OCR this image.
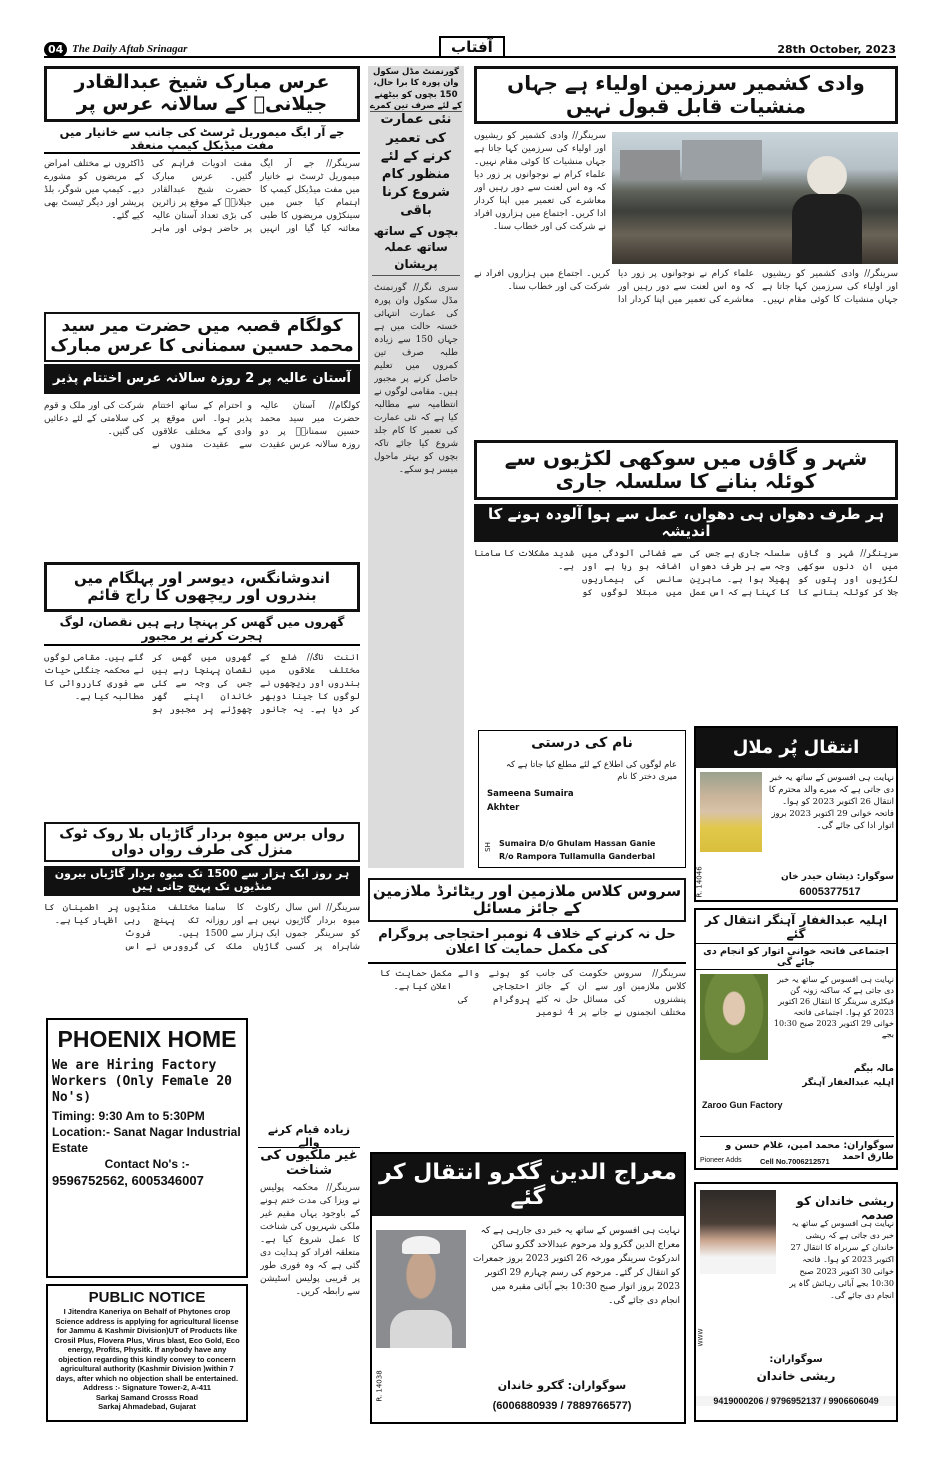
04 The Daily Aftab Srinagar	آفتاب	28th October, 2023
عرس مبارک شیخ عبدالقادر جیلانیؒ کے سالانہ عرس پر
جے آر ایگ میموریل ٹرسٹ کی جانب سے خانیار میں مفت میڈیکل کیمپ منعقد
سرینگر// جے آر ایگ میموریل ٹرسٹ نے خانیار میں مفت میڈیکل کیمپ کا اہتمام کیا جس میں سینکڑوں مریضوں کا طبی معائنہ کیا گیا اور انہیں مفت ادویات فراہم کی گئیں۔ عرس مبارک حضرت شیخ عبدالقادر جیلانیؒ کے موقع پر زائرین کی بڑی تعداد آستان عالیہ پر حاضر ہوئی اور ماہر ڈاکٹروں نے مختلف امراض کے مریضوں کو مشورے دیے۔ کیمپ میں شوگر، بلڈ پریشر اور دیگر ٹیسٹ بھی کیے گئے۔
گورنمنٹ مڈل سکول وان پورہ کا برا حال، 150 بچوں کو بیٹھنے کے لئے صرف تین کمرے
نئی عمارت کی تعمیر کرنے کے لئے منظور کام شروع کرنا باقی
بچوں کے ساتھ ساتھ عملہ پریشان
سری نگر// گورنمنٹ مڈل سکول وان پورہ کی عمارت انتہائی خستہ حالت میں ہے جہاں 150 سے زیادہ طلبہ صرف تین کمروں میں تعلیم حاصل کرنے پر مجبور ہیں۔ مقامی لوگوں نے انتظامیہ سے مطالبہ کیا ہے کہ نئی عمارت کی تعمیر کا کام جلد شروع کیا جائے تاکہ بچوں کو بہتر ماحول میسر ہو سکے۔
وادی کشمیر سرزمین اولیاء ہے جہاں منشیات قابل قبول نہیں
سرینگر// وادی کشمیر کو ریشیوں اور اولیاء کی سرزمین کہا جاتا ہے جہاں منشیات کا کوئی مقام نہیں۔ علماء کرام نے نوجوانوں پر زور دیا کہ وہ اس لعنت سے دور رہیں اور معاشرے کی تعمیر میں اپنا کردار ادا کریں۔ اجتماع میں ہزاروں افراد نے شرکت کی اور خطاب سنا۔
سرینگر// وادی کشمیر کو ریشیوں اور اولیاء کی سرزمین کہا جاتا ہے جہاں منشیات کا کوئی مقام نہیں۔ علماء کرام نے نوجوانوں پر زور دیا کہ وہ اس لعنت سے دور رہیں اور معاشرے کی تعمیر میں اپنا کردار ادا کریں۔ اجتماع میں ہزاروں افراد نے شرکت کی اور خطاب سنا۔
کولگام قصبہ میں حضرت میر سید محمد حسین سمنانی کا عرس مبارک
آستان عالیہ پر 2 روزہ سالانہ عرس اختتام پذیر
کولگام// آستان عالیہ حضرت میر سید محمد حسین سمنانیؒ پر دو روزہ سالانہ عرس عقیدت و احترام کے ساتھ اختتام پذیر ہوا۔ اس موقع پر وادی کے مختلف علاقوں سے عقیدت مندوں نے شرکت کی اور ملک و قوم کی سلامتی کے لئے دعائیں کی گئیں۔
شہر و گاؤں میں سوکھی لکڑیوں سے کوئلہ بنانے کا سلسلہ جاری
ہر طرف دھواں ہی دھواں، عمل سے ہوا آلودہ ہونے کا اندیشہ
سرینگر// شہر و گاؤں میں ان دنوں سوکھی لکڑیوں اور پتوں کو جلا کر کوئلہ بنانے کا سلسلہ جاری ہے جس کی وجہ سے ہر طرف دھواں پھیلا ہوا ہے۔ ماہرین کا کہنا ہے کہ اس عمل سے فضائی آلودگی میں اضافہ ہو رہا ہے اور سانس کی بیماریوں میں مبتلا لوگوں کو شدید مشکلات کا سامنا ہے۔
اندوشانگس، دیوسر اور پہلگام میں بندروں اور ریچھوں کا راج قائم
گھروں میں گھس کر پہنچا رہے ہیں نقصان، لوگ ہجرت کرنے پر مجبور
اننت ناگ// ضلع کے مختلف علاقوں میں بندروں اور ریچھوں نے لوگوں کا جینا دوبھر کر دیا ہے۔ یہ جانور گھروں میں گھس کر نقصان پہنچا رہے ہیں جس کی وجہ سے کئی خاندان اپنے گھر چھوڑنے پر مجبور ہو گئے ہیں۔ مقامی لوگوں نے محکمہ جنگلی حیات سے فوری کارروائی کا مطالبہ کیا ہے۔
نام کی درستی
عام لوگوں کی اطلاع کے لئے مطلع کیا جاتا ہے کہ میری دختر کا نام
Sameena Sumaira
Akhter
Sumaira D/o Ghulam Hassan Ganie
R/o Rampora Tullamulla Ganderbal
SH
انتقال پُر ملال
نہایت ہی افسوس کے ساتھ یہ خبر دی جاتی ہے کہ میرے والد محترم کا انتقال 26 اکتوبر 2023 کو ہوا۔ فاتحہ خوانی 29 اکتوبر 2023 بروز اتوار ادا کی جائے گی۔
سوگوار: ذیشان حیدر خان
6005377517
R. 14046
رواں برس میوہ بردار گاڑیاں بلا روک ٹوک منزل کی طرف رواں دواں
ہر روز ایک ہزار سے 1500 تک میوہ بردار گاڑیاں بیرون منڈیوں تک پہنچ جاتی ہیں
سرینگر// اس سال میوہ بردار گاڑیوں کو سرینگر جموں شاہراہ پر کسی رکاوٹ کا سامنا نہیں ہے اور روزانہ ایک ہزار سے 1500 گاڑیاں ملک کی مختلف منڈیوں تک پہنچ رہی ہیں۔ فروٹ گروورس نے اس پر اطمینان کا اظہار کیا ہے۔
سروس کلاس ملازمین اور ریٹائرڈ ملازمین کے جائز مسائل
حل نہ کرنے کے خلاف 4 نومبر احتجاجی پروگرام کی مکمل حمایت کا اعلان
سرینگر// سروس کلاس ملازمین اور پنشنروں کی مختلف انجمنوں نے حکومت کی جانب سے ان کے جائز مسائل حل نہ کئے جانے پر 4 نومبر کو ہونے والے احتجاجی پروگرام کی مکمل حمایت کا اعلان کیا ہے۔
اہلیہ عبدالغفار آہنگر انتقال کر گئے
اجتماعی فاتحہ خوانی اتوار کو انجام دی جائے گی
نہایت ہی افسوس کے ساتھ یہ خبر دی جاتی ہے کہ ساکنہ زونہ گن فیکٹری سرینگر کا انتقال 26 اکتوبر 2023 کو ہوا۔ اجتماعی فاتحہ خوانی 29 اکتوبر 2023 صبح 10:30 بجے
مالہ بیگم
اہلیہ عبدالغفار آہنگر
Zaroo Gun Factory
سوگواران: محمد امین، غلام حسن و طارق احمد
Pioneer Adds Cell No.7006212571
PHOENIX HOME
We are Hiring Factory Workers (Only Female 20 No's)
Timing: 9:30 Am to 5:30PM
Location:- Sanat Nagar Industrial Estate
Contact No's :-
9596752562, 6005346007
PUBLIC NOTICE
I Jitendra Kaneriya on Behalf of Phytones crop Science address is applying for agricultural license for Jammu & Kashmir Division)UT of Products like Crosil Plus, Flovera Plus, Virus blast, Eco Gold, Eco energy, Profits, Physitk. If anybody have any objection regarding this kindly convey to concern agricultural authority (Kashmir Division )within 7 days, after which no objection shall be entertained.
Address :- Signature Tower-2, A-411
Sarkaj Samand Crosss Road
Sarkaj Ahmadebad, Gujarat
زیادہ قیام کرنے والے
غیر ملکیوں کی شناخت
سرینگر// محکمہ پولیس نے ویزا کی مدت ختم ہونے کے باوجود یہاں مقیم غیر ملکی شہریوں کی شناخت کا عمل شروع کیا ہے۔ متعلقہ افراد کو ہدایت دی گئی ہے کہ وہ فوری طور پر قریبی پولیس اسٹیشن سے رابطہ کریں۔
معراج الدین گکرو انتقال کر گئے
نہایت ہی افسوس کے ساتھ یہ خبر دی جارہی ہے کہ معراج الدین گکرو ولد مرحوم عبدالاحد گکرو ساکن اندرکوٹ سرینگر مورخہ 26 اکتوبر 2023 بروز جمعرات کو انتقال کر گئے۔ مرحوم کی رسم چہارم 29 اکتوبر 2023 بروز اتوار صبح 10:30 بجے آبائی مقبرہ میں انجام دی جائے گی۔
سوگواران: گکرو خاندان
(7889766577 / 6006880939)
R. 14038
ریشی خاندان کو صدمہ
نہایت ہی افسوس کے ساتھ یہ خبر دی جاتی ہے کہ ریشی خاندان کے سربراہ کا انتقال 27 اکتوبر 2023 کو ہوا۔ فاتحہ خوانی 30 اکتوبر 2023 صبح 10:30 بجے آبائی رہائش گاہ پر انجام دی جائے گی۔
سوگواران:
ریشی خاندان
9906606049 / 9796952137 / 9419000206
WWW
